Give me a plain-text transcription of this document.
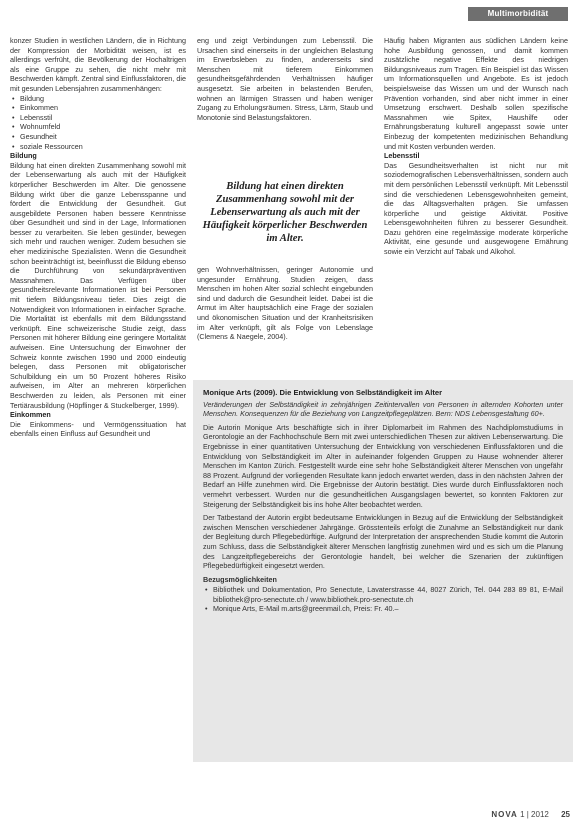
Multimorbidität

konzer Studien in westlichen Ländern, die in Richtung der Kompression der Morbidität weisen, ist es allerdings verfrüht, die Bevölkerung der Hochaltrigen als eine Gruppe zu sehen, die nicht mehr mit Beschwerden kämpft. Zentral sind Einflussfaktoren, die mit gesunden Lebensjahren zusammenhängen:

• Bildung
• Einkommen
• Lebensstil
• Wohnumfeld
• Gesundheit
• soziale Ressourcen

Bildung

Bildung hat einen direkten Zusammenhang sowohl mit der Lebenserwartung als auch mit der Häufigkeit körperlicher Beschwerden im Alter. Die genossene Bildung wirkt über die ganze Lebensspanne und fördert die Entwicklung der Gesundheit. Gut ausgebildete Personen haben bessere Kenntnisse über Gesundheit und sind in der Lage, Informationen besser zu verarbeiten. Sie leben gesünder, bewegen sich mehr und rauchen weniger. Zudem besuchen sie eher medizinische Spezialisten. Wenn die Gesundheit schon beeinträchtigt ist, beeinflusst die Bildung ebenso die Durchführung von sekundärpräventiven Massnahmen. Das Verfügen über gesundheitsrelevante Informationen ist bei Personen mit tiefem Bildungsniveau tiefer. Dies zeigt die Notwendigkeit von Informationen in einfacher Sprache. Die Mortalität ist ebenfalls mit dem Bildungsstand verknüpft. Eine schweizerische Studie zeigt, dass Personen mit höherer Bildung eine geringere Mortalität aufweisen. Eine Untersuchung der Einwohner der Schweiz konnte zwischen 1990 und 2000 eindeutig belegen, dass Personen mit obligatorischer Schulbildung ein um 50 Prozent höheres Risiko aufweisen, im Alter an mehreren körperlichen Beschwerden zu leiden, als Personen mit einer Tertiärausbildung (Höpflinger & Stuckelberger, 1999).

Einkommen

Die Einkommens- und Vermögenssituation hat ebenfalls einen Einfluss auf Gesundheit und

eng und zeigt Verbindungen zum Lebensstil. Die Ursachen sind einerseits in der ungleichen Belastung im Erwerbsleben zu finden, andererseits sind Menschen mit tieferem Einkommen gesundheitsgefährdenden Verhältnissen häufiger ausgesetzt. Sie arbeiten in belastenden Berufen, wohnen an lärmigen Strassen und haben weniger Zugang zu Erholungsräumen. Stress, Lärm, Staub und Monotonie sind Belastungsfaktoren.

Bildung hat einen direkten Zusammenhang sowohl mit der Lebenserwartung als auch mit der Häufigkeit körperlicher Beschwerden im Alter.

gen Wohnverhältnissen, geringer Autonomie und ungesunder Ernährung. Studien zeigen, dass Menschen im hohen Alter sozial schlecht eingebunden sind und dadurch die Gesundheit leidet. Dabei ist die Armut im Alter hauptsächlich eine Frage der sozialen und ökonomischen Situation und der Kranheitsrisiken im Alter verknüpft, gilt als Folge von Lebenslage (Clemens & Naegele, 2004).

Häufig haben Migranten aus südlichen Ländern keine hohe Ausbildung genossen, und damit kommen zusätzliche negative Effekte des niedrigen Bildungsniveaus zum Tragen. Ein Beispiel ist das Wissen um Informationsquellen und Angebote. Es ist jedoch beispielsweise das Wissen um und der Wunsch nach Prävention vorhanden, sind aber nicht immer in einer Umsetzung erschwert. Deshalb sollen spezifische Massnahmen wie Spitex, Haushilfe oder Ernährungsberatung kulturell angepasst sowie unter Einbezug der kompetenten medizinischen Behandlung und mit Kosten verbunden werden.

Lebensstil

Das Gesundheitsverhalten ist nicht nur mit soziodemografischen Lebensverhältnissen, sondern auch mit dem persönlichen Lebensstil verknüpft. Mit Lebensstil sind die verschiedenen Lebensgewohnheiten gemeint, die das Alltagsverhalten prägen. Sie umfassen körperliche und geistige Aktivität. Positive Lebensgewohnheiten führen zu besserer Gesundheit. Dazu gehören eine regelmässige moderate körperliche Aktivität, eine gesunde und ausgewogene Ernährung sowie ein Verzicht auf Tabak und Alkohol.

Monique Arts (2009). Die Entwicklung von Selbständigkeit im Alter

Veränderungen der Selbständigkeit in zehnjährigen Zeitintervallen von Personen in alternden Kohorten unter Menschen. Konsequenzen für die Beziehung von Langzeitpflegeplätzen. Bern: NDS Lebensgestaltung 60+.

Die Autorin Monique Arts beschäftigte sich in ihrer Diplomarbeit im Rahmen des Nachdiplomstudiums in Gerontologie an der Fachhochschule Bern mit zwei unterschiedlichen Thesen zur aktiven Lebenserwartung. Die Ergebnisse in einer quantitativen Untersuchung der Entwicklung von verschiedenen Einflussfaktoren und die Entwicklung von Selbständigkeit im Alter in aufeinander folgenden Gruppen zu Hause wohnender älterer Menschen im Kanton Zürich. Festgestellt wurde eine sehr hohe Selbständigkeit älterer Menschen von ungefähr 88 Prozent. Aufgrund der vorliegenden Resultate kann jedoch erwartet werden, dass in den nächsten Jahren der Bedarf an Hilfe zunehmen wird. Die Ergebnisse der Autorin bestätigt. Dies wurde durch Einflussfaktoren noch vermehrt verbessert. Wurden nur die gesundheitlichen Ausgangslagen bewertet, so konnten Faktoren zur Steigerung der Selbständigkeit bis ins hohe Alter beobachtet werden.

Der Tatbestand der Autorin ergibt bedeutsame Entwicklungen in Bezug auf die Entwicklung der Selbständigkeit zwischen Menschen verschiedener Jahrgänge. Grösstenteils erfolgt die Zunahme an Selbständigkeit nur dank der Begleitung durch Pflegebedürftige. Aufgrund der Interpretation der ansprechenden Studie kommt die Autorin zum Schluss, dass die Selbständigkeit älterer Menschen langfristig zunehmen wird und es sich um die Planung des Langzeitpflegebereichs der Gerontologie handelt, bei welcher die Szenarien der zukünftigen Pflegebedürftigkeit eingesetzt werden.

Bezugsmöglichkeiten

• Bibliothek und Dokumentation, Pro Senectute, Lavaterstrasse 44, 8027 Zürich, Tel. 044 283 89 81, E-Mail bibliothek@pro-senectute.ch / www.bibliothek.pro-senectute.ch
• Monique Arts, E-Mail m.arts@greenmail.ch, Preis: Fr. 40.–
NOVA 1 | 2012 25
